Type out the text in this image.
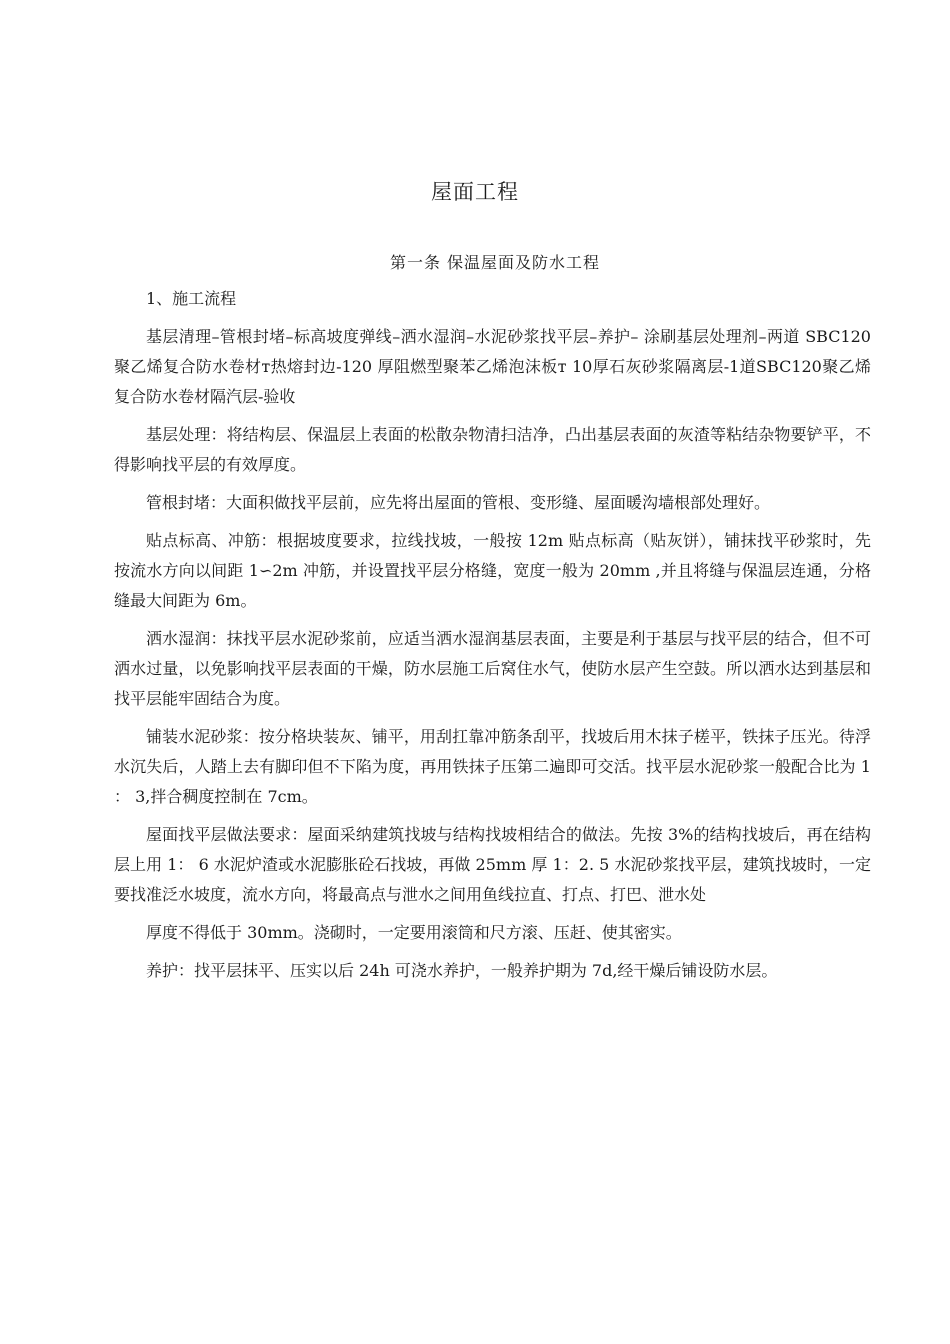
屋面工程
第一条 保温屋面及防水工程

1、施工流程

基层清理–管根封堵–标高坡度弹线–洒水湿润–水泥砂浆找平层–养护– 涂刷基层处理剂–两道 SBC120 聚乙烯复合防水卷材ᴛ热熔封边-120 厚阻燃型聚苯乙烯泡沫板ᴛ 10厚石灰砂浆隔离层-1道SBC120聚乙烯复合防水卷材隔汽层-验收

基层处理：将结构层、保温层上表面的松散杂物清扫洁净，凸出基层表面的灰渣等粘结杂物要铲平，不得影响找平层的有效厚度。

管根封堵：大面积做找平层前，应先将出屋面的管根、变形缝、屋面暖沟墙根部处理好。

贴点标高、冲筋：根据坡度要求，拉线找坡，一般按 12m 贴点标高（贴灰饼），铺抹找平砂浆时，先按流水方向以间距 1∽2m 冲筋，并设置找平层分格缝，宽度一般为 20mm ,并且将缝与保温层连通，分格缝最大间距为 6m。

洒水湿润：抹找平层水泥砂浆前，应适当洒水湿润基层表面，主要是利于基层与找平层的结合，但不可洒水过量，以免影响找平层表面的干燥，防水层施工后窝住水气，使防水层产生空鼓。所以洒水达到基层和找平层能牢固结合为度。

铺装水泥砂浆：按分格块装灰、铺平，用刮扛靠冲筋条刮平，找坡后用木抹子槎平，铁抹子压光。待浮水沉失后，人踏上去有脚印但不下陷为度，再用铁抹子压第二遍即可交活。找平层水泥砂浆一般配合比为 1 ： 3,拌合稠度控制在 7cm。

屋面找平层做法要求：屋面采纳建筑找坡与结构找坡相结合的做法。先按 3%的结构找坡后，再在结构层上用 1： 6 水泥炉渣或水泥膨胀砼石找坡，再做 25mm 厚 1：2. 5 水泥砂浆找平层，建筑找坡时，一定要找准泛水坡度，流水方向，将最高点与泄水之间用鱼线拉直、打点、打巴、泄水处

厚度不得低于 30mm。浇砌时，一定要用滚筒和尺方滚、压赶、使其密实。

养护：找平层抹平、压实以后 24h 可浇水养护，一般养护期为 7d,经干燥后铺设防水层。
